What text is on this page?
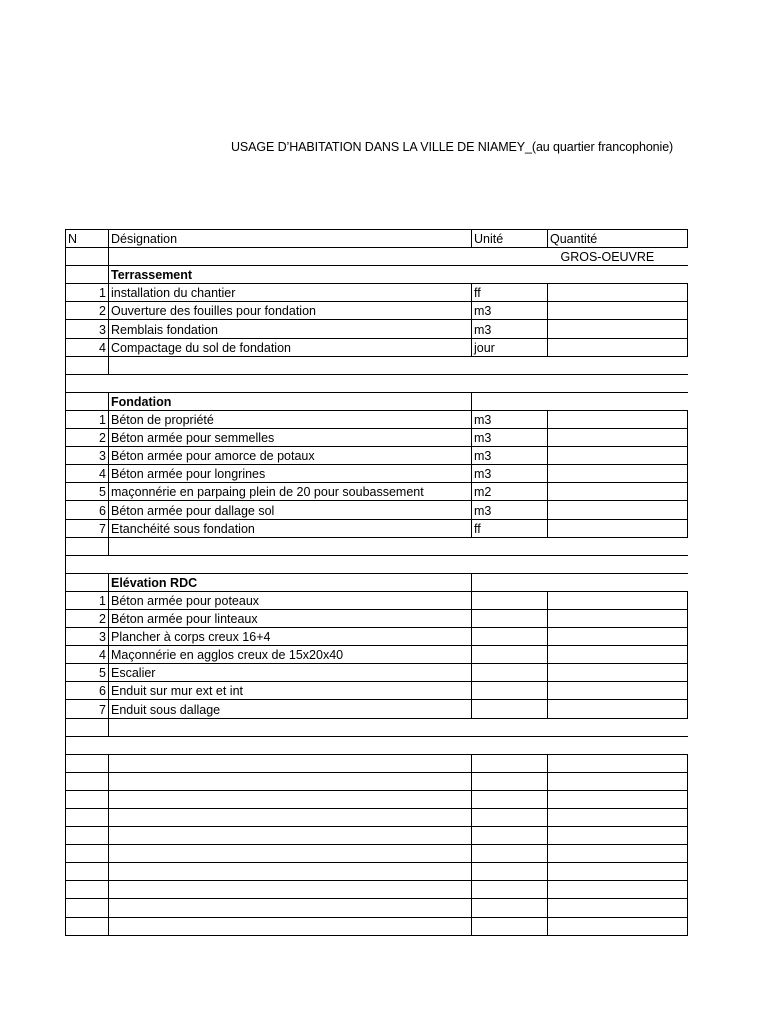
USAGE D’HABITATION DANS LA VILLE DE NIAMEY_(au quartier francophonie)
N	Désignation	Unité	Quantité	
			GROS-OEUVRE	
	Terrassement			
1	installation du chantier	ff		
2	Ouverture des fouilles pour fondation	m3		
3	Remblais fondation	m3		
4	Compactage du sol de fondation	jour		

	Fondation			
1	Béton de propriété	m3		
2	Béton armée pour semmelles	m3		
3	Béton armée pour amorce de potaux	m3		
4	Béton armée pour longrines	m3		
5	maçonnérie en parpaing plein de 20 pour soubassement	m2		
6	Béton armée pour dallage sol	m3		
7	Etanchéité sous fondation	ff		

	Elévation RDC			
1	Béton armée pour poteaux			
2	Béton armée pour linteaux			
3	Plancher à corps creux 16+4			
4	Maçonnérie en agglos creux de 15x20x40			
5	Escalier			
6	Enduit sur mur ext et int			
7	Enduit sous dallage			
